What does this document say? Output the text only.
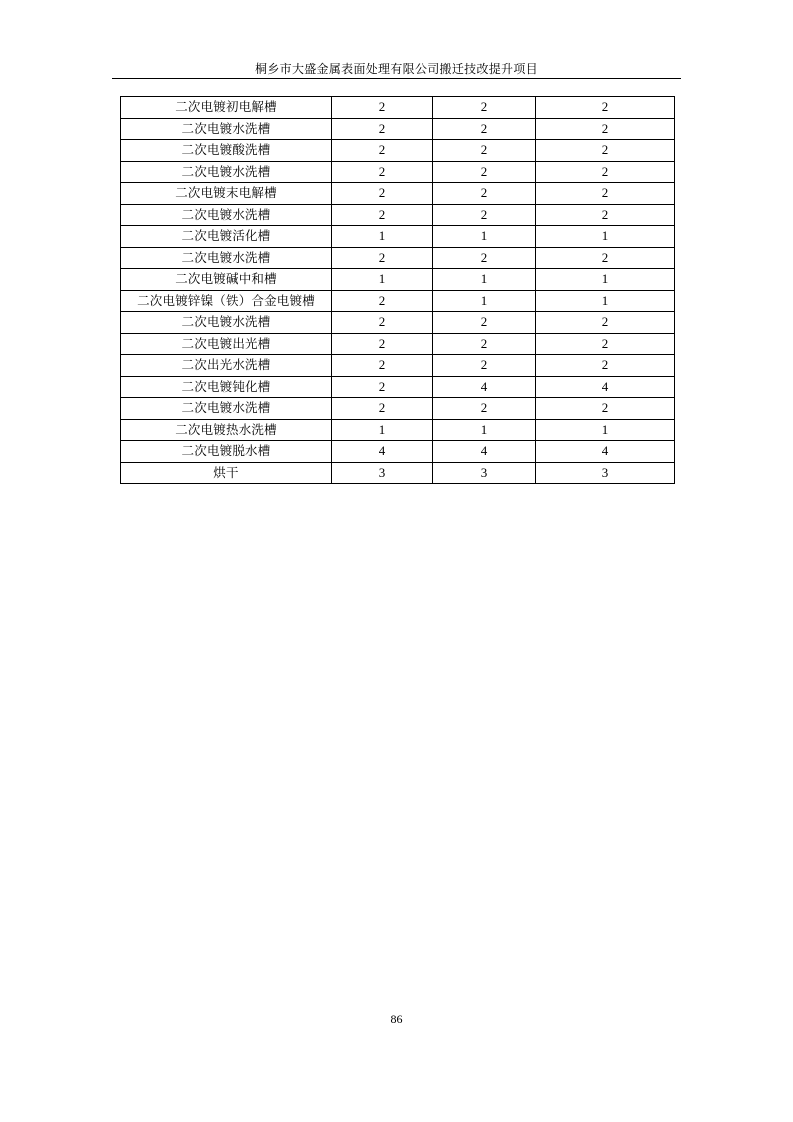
桐乡市大盛金属表面处理有限公司搬迁技改提升项目
二次电镀初电解槽	2	2	2
二次电镀水洗槽	2	2	2
二次电镀酸洗槽	2	2	2
二次电镀水洗槽	2	2	2
二次电镀末电解槽	2	2	2
二次电镀水洗槽	2	2	2
二次电镀活化槽	1	1	1
二次电镀水洗槽	2	2	2
二次电镀碱中和槽	1	1	1
二次电镀锌镍（铁）合金电镀槽	2	1	1
二次电镀水洗槽	2	2	2
二次电镀出光槽	2	2	2
二次出光水洗槽	2	2	2
二次电镀钝化槽	2	4	4
二次电镀水洗槽	2	2	2
二次电镀热水洗槽	1	1	1
二次电镀脱水槽	4	4	4
烘干	3	3	3
86
